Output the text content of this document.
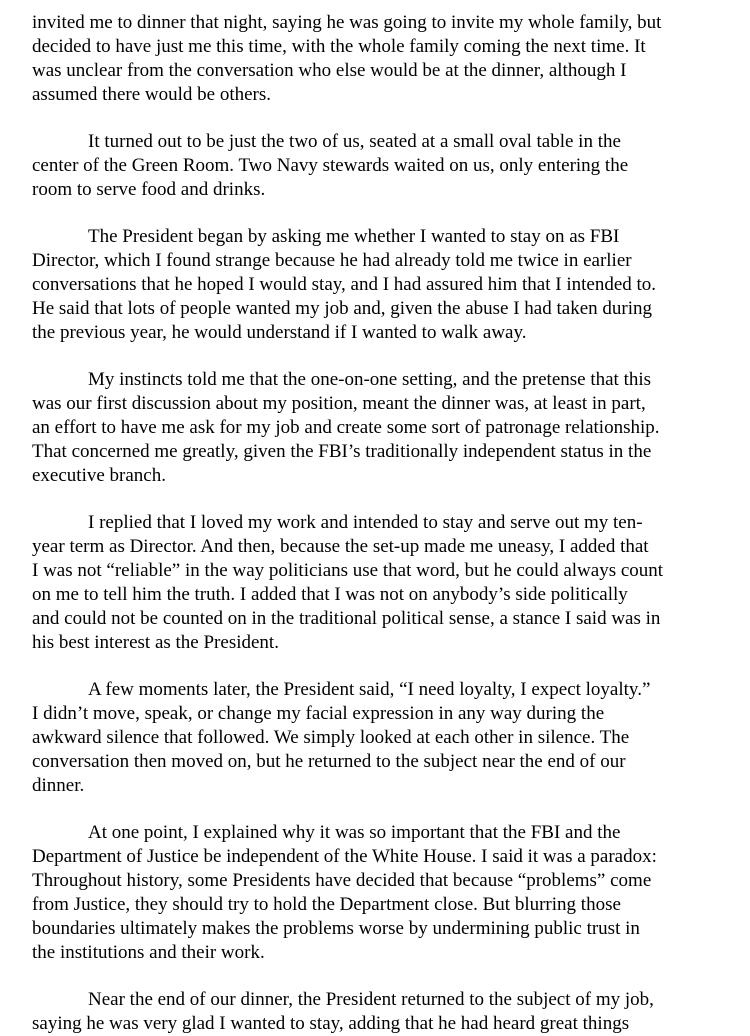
invited me to dinner that night, saying he was going to invite my whole family, but
decided to have just me this time, with the whole family coming the next time. It
was unclear from the conversation who else would be at the dinner, although I
assumed there would be others.
It turned out to be just the two of us, seated at a small oval table in the
center of the Green Room. Two Navy stewards waited on us, only entering the
room to serve food and drinks.
The President began by asking me whether I wanted to stay on as FBI
Director, which I found strange because he had already told me twice in earlier
conversations that he hoped I would stay, and I had assured him that I intended to.
He said that lots of people wanted my job and, given the abuse I had taken during
the previous year, he would understand if I wanted to walk away.
My instincts told me that the one-on-one setting, and the pretense that this
was our first discussion about my position, meant the dinner was, at least in part,
an effort to have me ask for my job and create some sort of patronage relationship.
That concerned me greatly, given the FBI’s traditionally independent status in the
executive branch.
I replied that I loved my work and intended to stay and serve out my ten-
year term as Director. And then, because the set-up made me uneasy, I added that
I was not “reliable” in the way politicians use that word, but he could always count
on me to tell him the truth. I added that I was not on anybody’s side politically
and could not be counted on in the traditional political sense, a stance I said was in
his best interest as the President.
A few moments later, the President said, “I need loyalty, I expect loyalty.”
I didn’t move, speak, or change my facial expression in any way during the
awkward silence that followed. We simply looked at each other in silence. The
conversation then moved on, but he returned to the subject near the end of our
dinner.
At one point, I explained why it was so important that the FBI and the
Department of Justice be independent of the White House. I said it was a paradox:
Throughout history, some Presidents have decided that because “problems” come
from Justice, they should try to hold the Department close. But blurring those
boundaries ultimately makes the problems worse by undermining public trust in
the institutions and their work.
Near the end of our dinner, the President returned to the subject of my job,
saying he was very glad I wanted to stay, adding that he had heard great things
